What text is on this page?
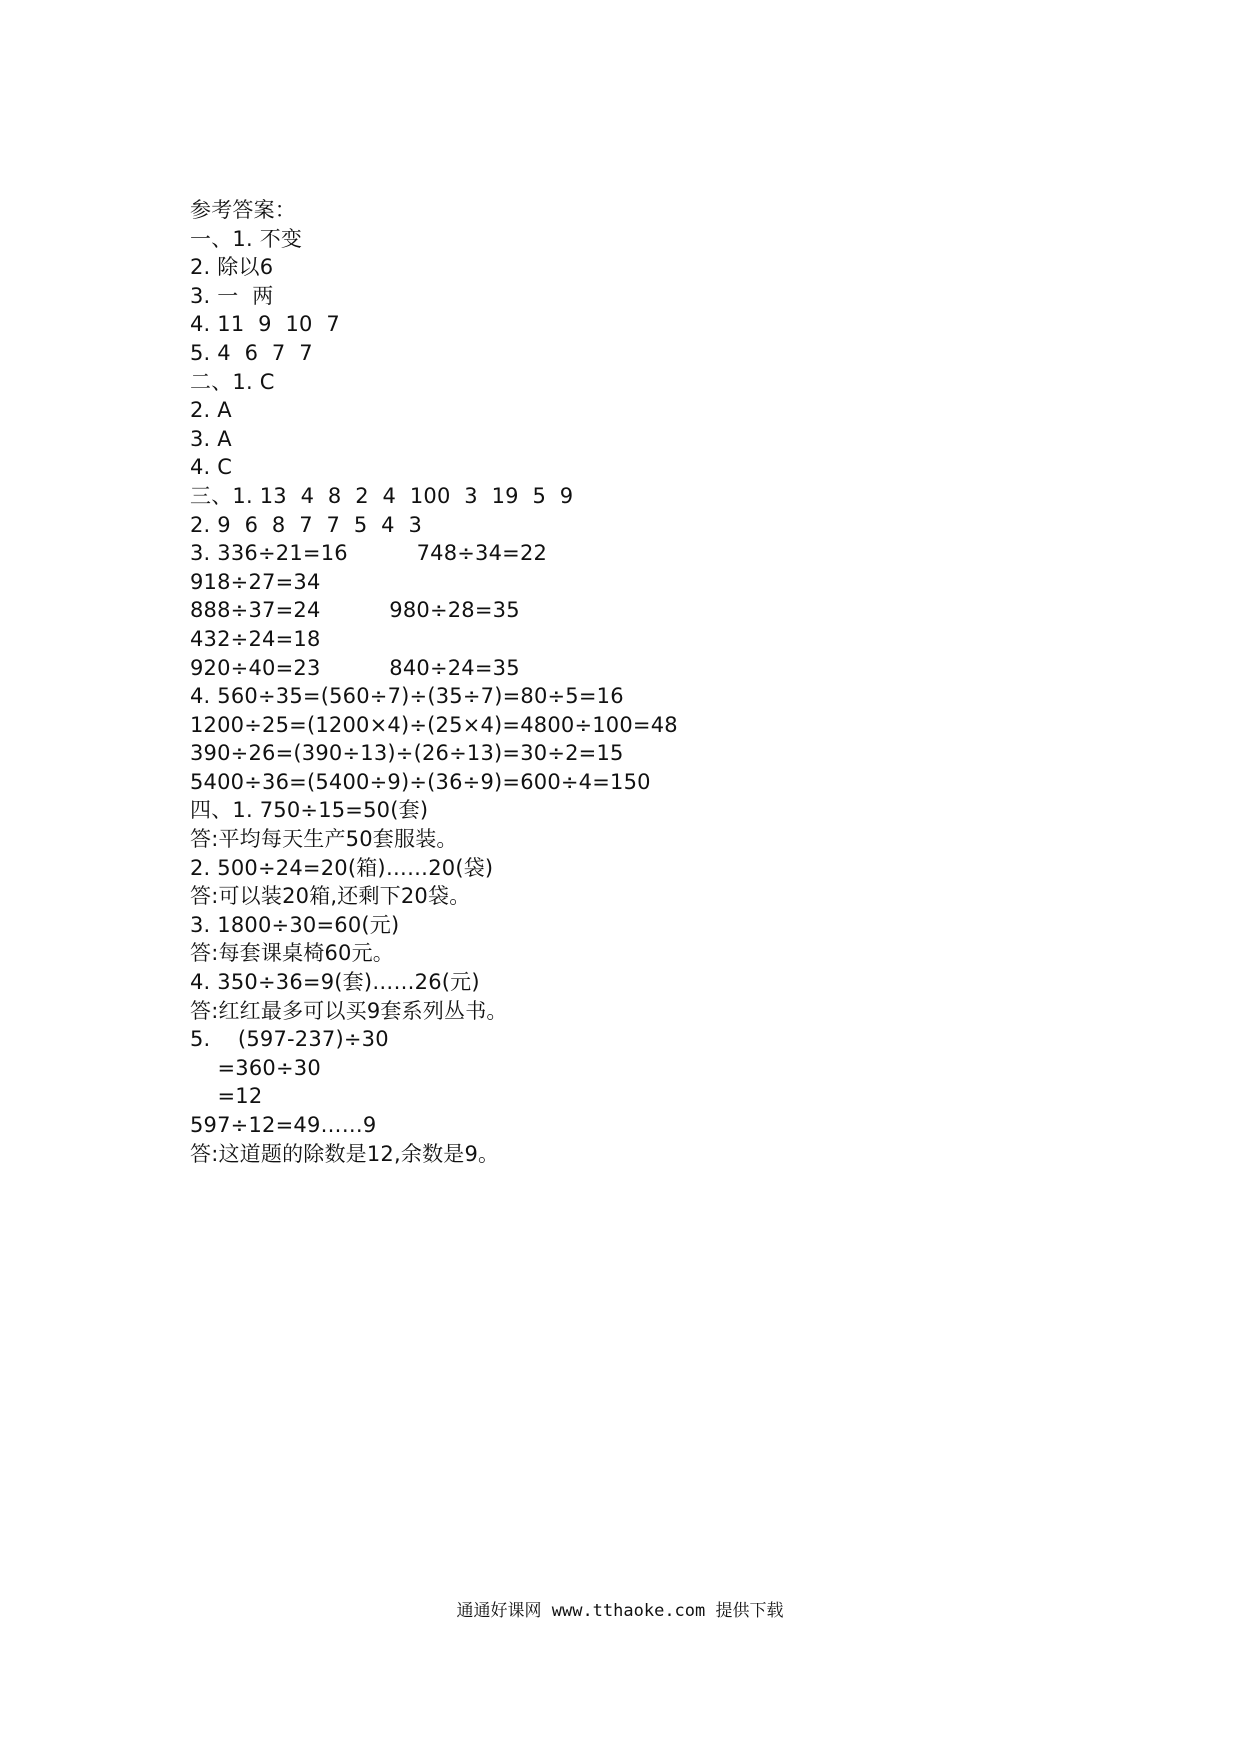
参考答案：
一、1. 不变
2. 除以6
3. 一  两
4. 11  9  10  7
5. 4  6  7  7
二、1. C
2. A
3. A
4. C
三、1. 13  4  8  2  4  100  3  19  5  9
2. 9  6  8  7  7  5  4  3
3. 336÷21=16          748÷34=22
918÷27=34
888÷37=24          980÷28=35
432÷24=18
920÷40=23          840÷24=35
4. 560÷35=(560÷7)÷(35÷7)=80÷5=16
1200÷25=(1200×4)÷(25×4)=4800÷100=48
390÷26=(390÷13)÷(26÷13)=30÷2=15
5400÷36=(5400÷9)÷(36÷9)=600÷4=150
四、1. 750÷15=50(套)
答:平均每天生产50套服装。
2. 500÷24=20(箱)……20(袋)
答:可以装20箱,还剩下20袋。
3. 1800÷30=60(元)
答:每套课桌椅60元。
4. 350÷36=9(套)……26(元)
答:红红最多可以买9套系列丛书。
5.    (597-237)÷30
=360÷30
=12
597÷12=49……9
答:这道题的除数是12,余数是9。
通通好课网 www.tthaoke.com 提供下载
